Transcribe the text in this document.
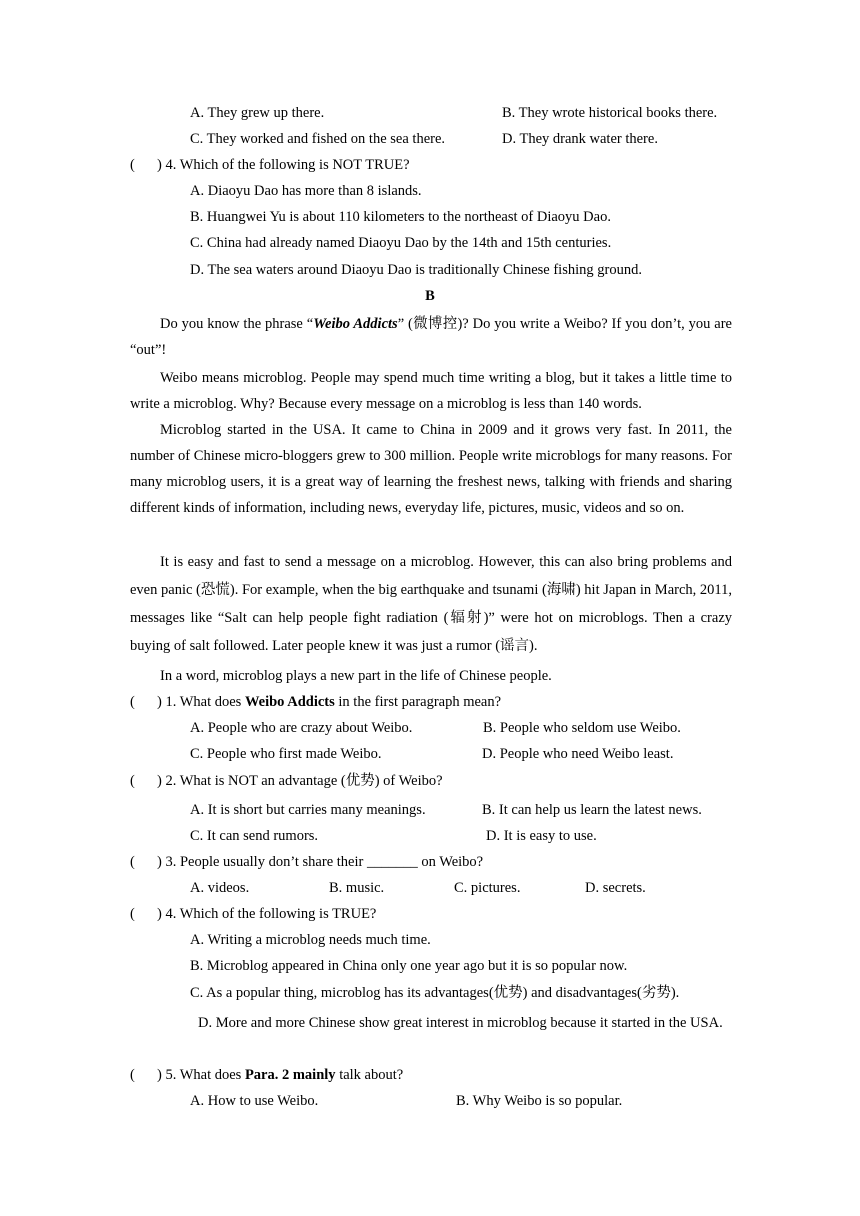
A. They grew up there.	B. They wrote historical books there.
C. They worked and fished on the sea there.	D. They drank water there.
( ) 4. Which of the following is NOT TRUE?
A. Diaoyu Dao has more than 8 islands.
B. Huangwei Yu is about 110 kilometers to the northeast of Diaoyu Dao.
C. China had already named Diaoyu Dao by the 14th and 15th centuries.
D. The sea waters around Diaoyu Dao is traditionally Chinese fishing ground.
B
Do you know the phrase “Weibo Addicts” (微博控)? Do you write a Weibo? If you don’t, you are “out”!
Weibo means microblog. People may spend much time writing a blog, but it takes a little time to write a microblog. Why? Because every message on a microblog is less than 140 words.
Microblog started in the USA. It came to China in 2009 and it grows very fast. In 2011, the number of Chinese micro-bloggers grew to 300 million. People write microblogs for many reasons. For many microblog users, it is a great way of learning the freshest news, talking with friends and sharing different kinds of information, including news, everyday life, pictures, music, videos and so on.
It is easy and fast to send a message on a microblog. However, this can also bring problems and even panic (恐慌). For example, when the big earthquake and tsunami (海啸) hit Japan in March, 2011, messages like “Salt can help people fight radiation (辐射)” were hot on microblogs. Then a crazy buying of salt followed. Later people knew it was just a rumor (谣言).
In a word, microblog plays a new part in the life of Chinese people.
( ) 1. What does Weibo Addicts in the first paragraph mean?
A. People who are crazy about Weibo.	B. People who seldom use Weibo.
C. People who first made Weibo.	D. People who need Weibo least.
( ) 2. What is NOT an advantage (优势) of Weibo?
A. It is short but carries many meanings.	B. It can help us learn the latest news.
C. It can send rumors.	D. It is easy to use.
( ) 3. People usually don’t share their _______ on Weibo?
A. videos.	B. music.	C. pictures.	D. secrets.
( ) 4. Which of the following is TRUE?
A. Writing a microblog needs much time.
B. Microblog appeared in China only one year ago but it is so popular now.
C. As a popular thing, microblog has its advantages(优势) and disadvantages(劣势).
D. More and more Chinese show great interest in microblog because it started in the USA.
( ) 5. What does Para. 2 mainly talk about?
A. How to use Weibo.	B. Why Weibo is so popular.
